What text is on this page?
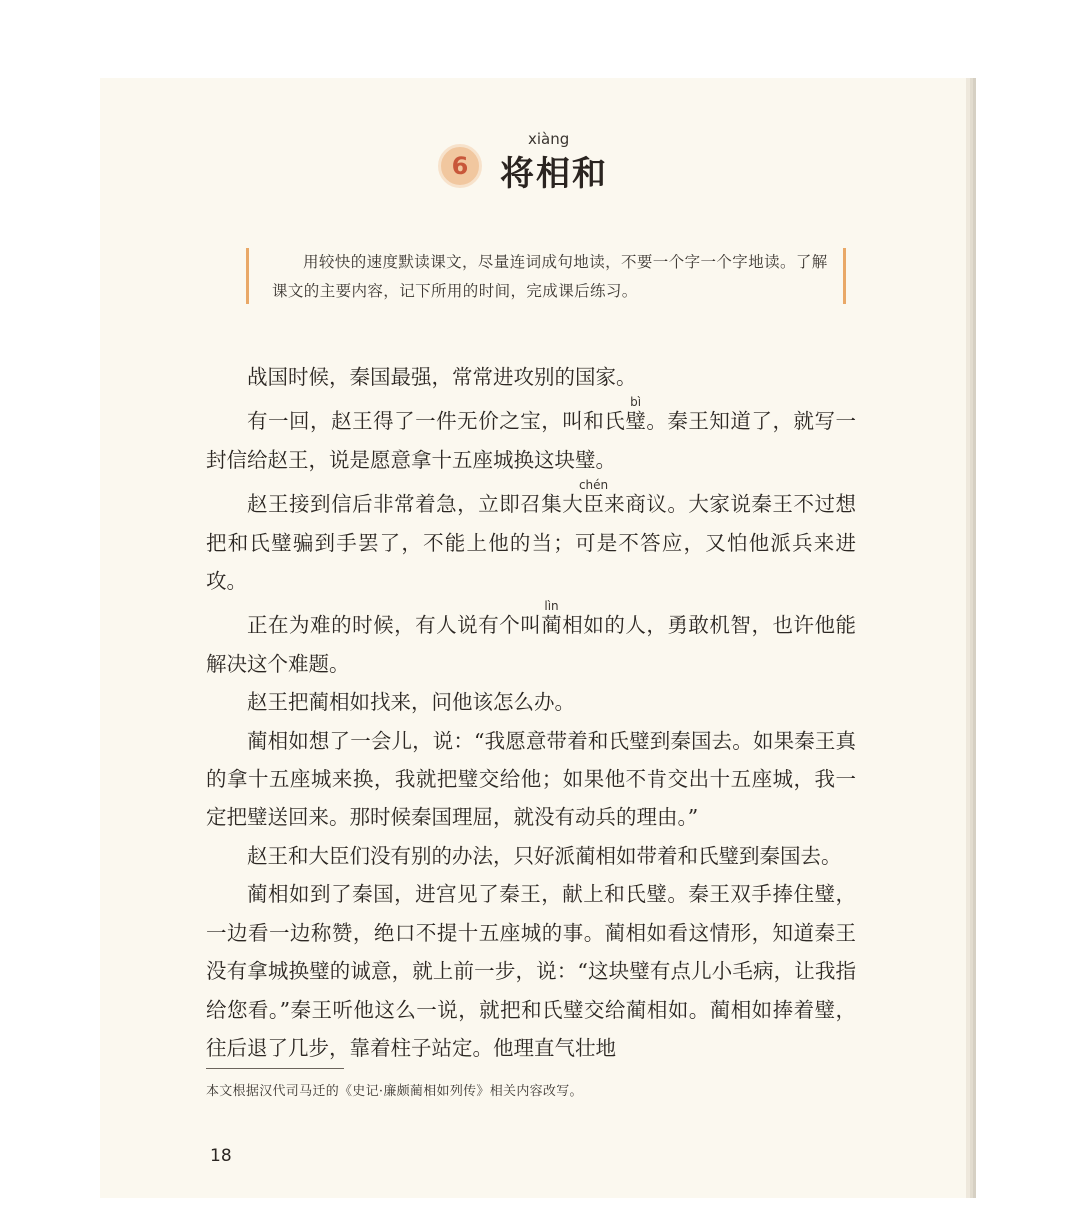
6
xiàng
将相和
用较快的速度默读课文，尽量连词成句地读，不要一个字一个字地读。了解课文的主要内容，记下所用的时间，完成课后练习。

战国时候，秦国最强，常常进攻别的国家。

有一回，赵王得了一件无价之宝，叫和氏璧bì。秦王知道了，就写一封信给赵王，说是愿意拿十五座城换这块璧。

赵王接到信后非常着急，立即召集大臣chén来商议。大家说秦王不过想把和氏璧骗到手罢了，不能上他的当；可是不答应，又怕他派兵来进攻。

正在为难的时候，有人说有个叫蔺lìn相如的人，勇敢机智，也许他能解决这个难题。

赵王把蔺相如找来，问他该怎么办。

蔺相如想了一会儿，说：“我愿意带着和氏璧到秦国去。如果秦王真的拿十五座城来换，我就把璧交给他；如果他不肯交出十五座城，我一定把璧送回来。那时候秦国理屈，就没有动兵的理由。”

赵王和大臣们没有别的办法，只好派蔺相如带着和氏璧到秦国去。

蔺相如到了秦国，进宫见了秦王，献上和氏璧。秦王双手捧住璧，一边看一边称赞，绝口不提十五座城的事。蔺相如看这情形，知道秦王没有拿城换璧的诚意，就上前一步，说：“这块璧有点儿小毛病，让我指给您看。”秦王听他这么一说，就把和氏璧交给蔺相如。蔺相如捧着璧，往后退了几步，靠着柱子站定。他理直气壮地

本文根据汉代司马迁的《史记·廉颇蔺相如列传》相关内容改写。
18
